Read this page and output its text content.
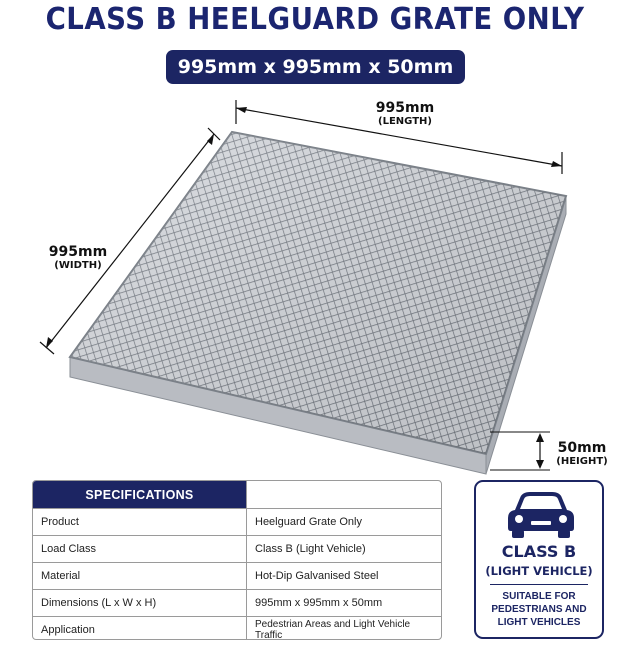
CLASS B HEELGUARD GRATE ONLY
995mm x 995mm x 50mm
995mm
(LENGTH)
995mm
(WIDTH)
50mm
(HEIGHT)
SPECIFICATIONS	
Product	Heelguard Grate Only
Load Class	Class B (Light Vehicle)
Material	Hot-Dip Galvanised Steel
Dimensions (L x W x H)	995mm x 995mm x 50mm
Application	Pedestrian Areas and Light Vehicle Traffic
CLASS B
(LIGHT VEHICLE)
SUITABLE FOR
PEDESTRIANS AND
LIGHT VEHICLES
